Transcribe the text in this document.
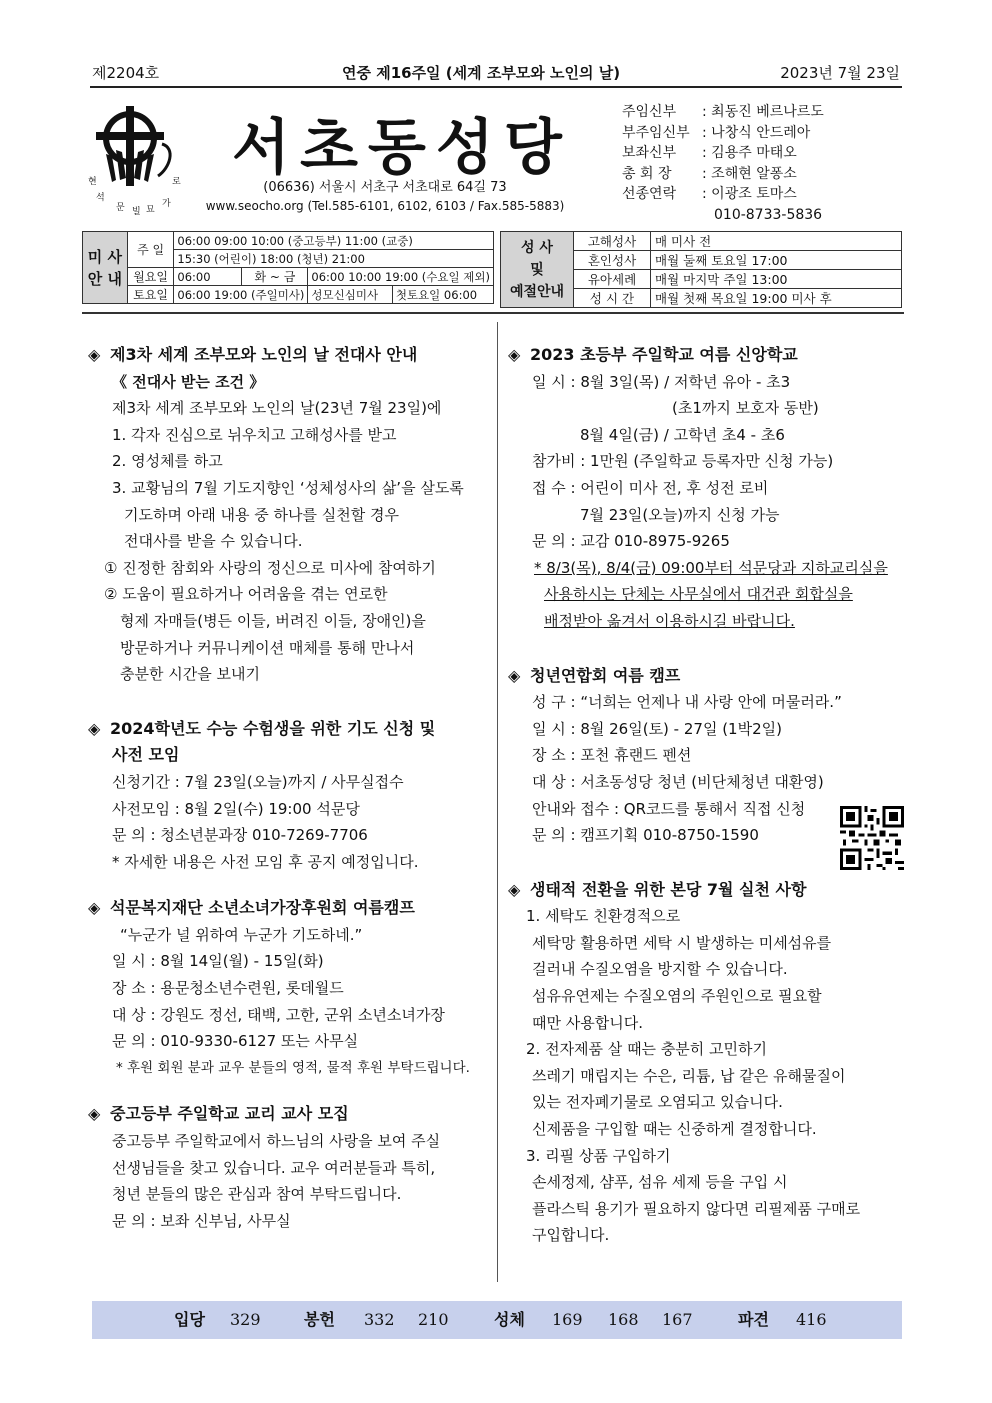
제2204호	연중 제16주일 (세계 조부모와 노인의 날)	2023년 7월 23일
현
석
문
로
가
묘
빌
서초동성당
(06636) 서울시 서초구 서초대로 64길 73
www.seocho.org (Tel.585-6101, 6102, 6103 / Fax.585-5883)
주임신부 : 최동진 베르나르도
부주임신부 : 나창식 안드레아
보좌신부 : 김용주 마태오
총 회 장 : 조해현 알퐁소
선종연락 : 이광조 토마스
010-8733-5836
미 사
안 내	주 일	06:00 09:00 10:00 (중고등부) 11:00 (교중)			
		15:30 (어린이) 18:00 (청년) 21:00			
	월요일	06:00	화 ~ 금	06:00 10:00 19:00 (수요일 제외)	
	토요일	06:00 19:00 (주일미사)		성모신심미사	첫토요일 06:00
성 사
및
예절안내	고해성사	매 미사 전
	혼인성사	매월 둘째 토요일 17:00
	유아세례	매월 마지막 주일 13:00
	성 시 간	매월 첫째 목요일 19:00 미사 후
◈ 제3차 세계 조부모와 노인의 날 전대사 안내
《 전대사 받는 조건 》
제3차 세계 조부모와 노인의 날(23년 7월 23일)에
1. 각자 진심으로 뉘우치고 고해성사를 받고
2. 영성체를 하고
3. 교황님의 7월 기도지향인 ‘성체성사의 삶’을 살도록
기도하며 아래 내용 중 하나를 실천할 경우
전대사를 받을 수 있습니다.
① 진정한 참회와 사랑의 정신으로 미사에 참여하기
② 도움이 필요하거나 어려움을 겪는 연로한
형제 자매들(병든 이들, 버려진 이들, 장애인)을
방문하거나 커뮤니케이션 매체를 통해 만나서
충분한 시간을 보내기
◈ 2024학년도 수능 수험생을 위한 기도 신청 및
사전 모임
신청기간 : 7월 23일(오늘)까지 / 사무실접수
사전모임 : 8월 2일(수) 19:00 석문당
문 의 : 청소년분과장 010-7269-7706
* 자세한 내용은 사전 모임 후 공지 예정입니다.
◈ 석문복지재단 소년소녀가장후원회 여름캠프
“누군가 널 위하여 누군가 기도하네.”
일 시 : 8월 14일(월) - 15일(화)
장 소 : 용문청소년수련원, 롯데월드
대 상 : 강원도 정선, 태백, 고한, 군위 소년소녀가장
문 의 : 010-9330-6127 또는 사무실
* 후원 회원 분과 교우 분들의 영적, 물적 후원 부탁드립니다.
◈ 중고등부 주일학교 교리 교사 모집
중고등부 주일학교에서 하느님의 사랑을 보여 주실
선생님들을 찾고 있습니다. 교우 여러분들과 특히,
청년 분들의 많은 관심과 참여 부탁드립니다.
문 의 : 보좌 신부님, 사무실
◈ 2023 초등부 주일학교 여름 신앙학교
일 시 : 8월 3일(목) / 저학년 유아 - 초3
(초1까지 보호자 동반)
8월 4일(금) / 고학년 초4 - 초6
참가비 : 1만원 (주일학교 등록자만 신청 가능)
접 수 : 어린이 미사 전, 후 성전 로비
7월 23일(오늘)까지 신청 가능
문 의 : 교감 010-8975-9265
* 8/3(목), 8/4(금) 09:00부터 석문당과 지하교리실을
사용하시는 단체는 사무실에서 대건관 회합실을
배정받아 옮겨서 이용하시길 바랍니다.
◈ 청년연합회 여름 캠프
성 구 : “너희는 언제나 내 사랑 안에 머물러라.”
일 시 : 8월 26일(토) - 27일 (1박2일)
장 소 : 포천 휴랜드 펜션
대 상 : 서초동성당 청년 (비단체청년 대환영)
안내와 접수 : QR코드를 통해서 직접 신청
문 의 : 캠프기획 010-8750-1590
◈ 생태적 전환을 위한 본당 7월 실천 사항
1. 세탁도 친환경적으로
세탁망 활용하면 세탁 시 발생하는 미세섬유를
걸러내 수질오염을 방지할 수 있습니다.
섬유유연제는 수질오염의 주원인으로 필요할
때만 사용합니다.
2. 전자제품 살 때는 충분히 고민하기
쓰레기 매립지는 수은, 리튬, 납 같은 유해물질이
있는 전자폐기물로 오염되고 있습니다.
신제품을 구입할 때는 신중하게 결정합니다.
3. 리필 상품 구입하기
손세정제, 샴푸, 섬유 세제 등을 구입 시
플라스틱 용기가 필요하지 않다면 리필제품 구매로
구입합니다.
입당 329	봉헌 332 210	성체 169 168 167	파견 416
